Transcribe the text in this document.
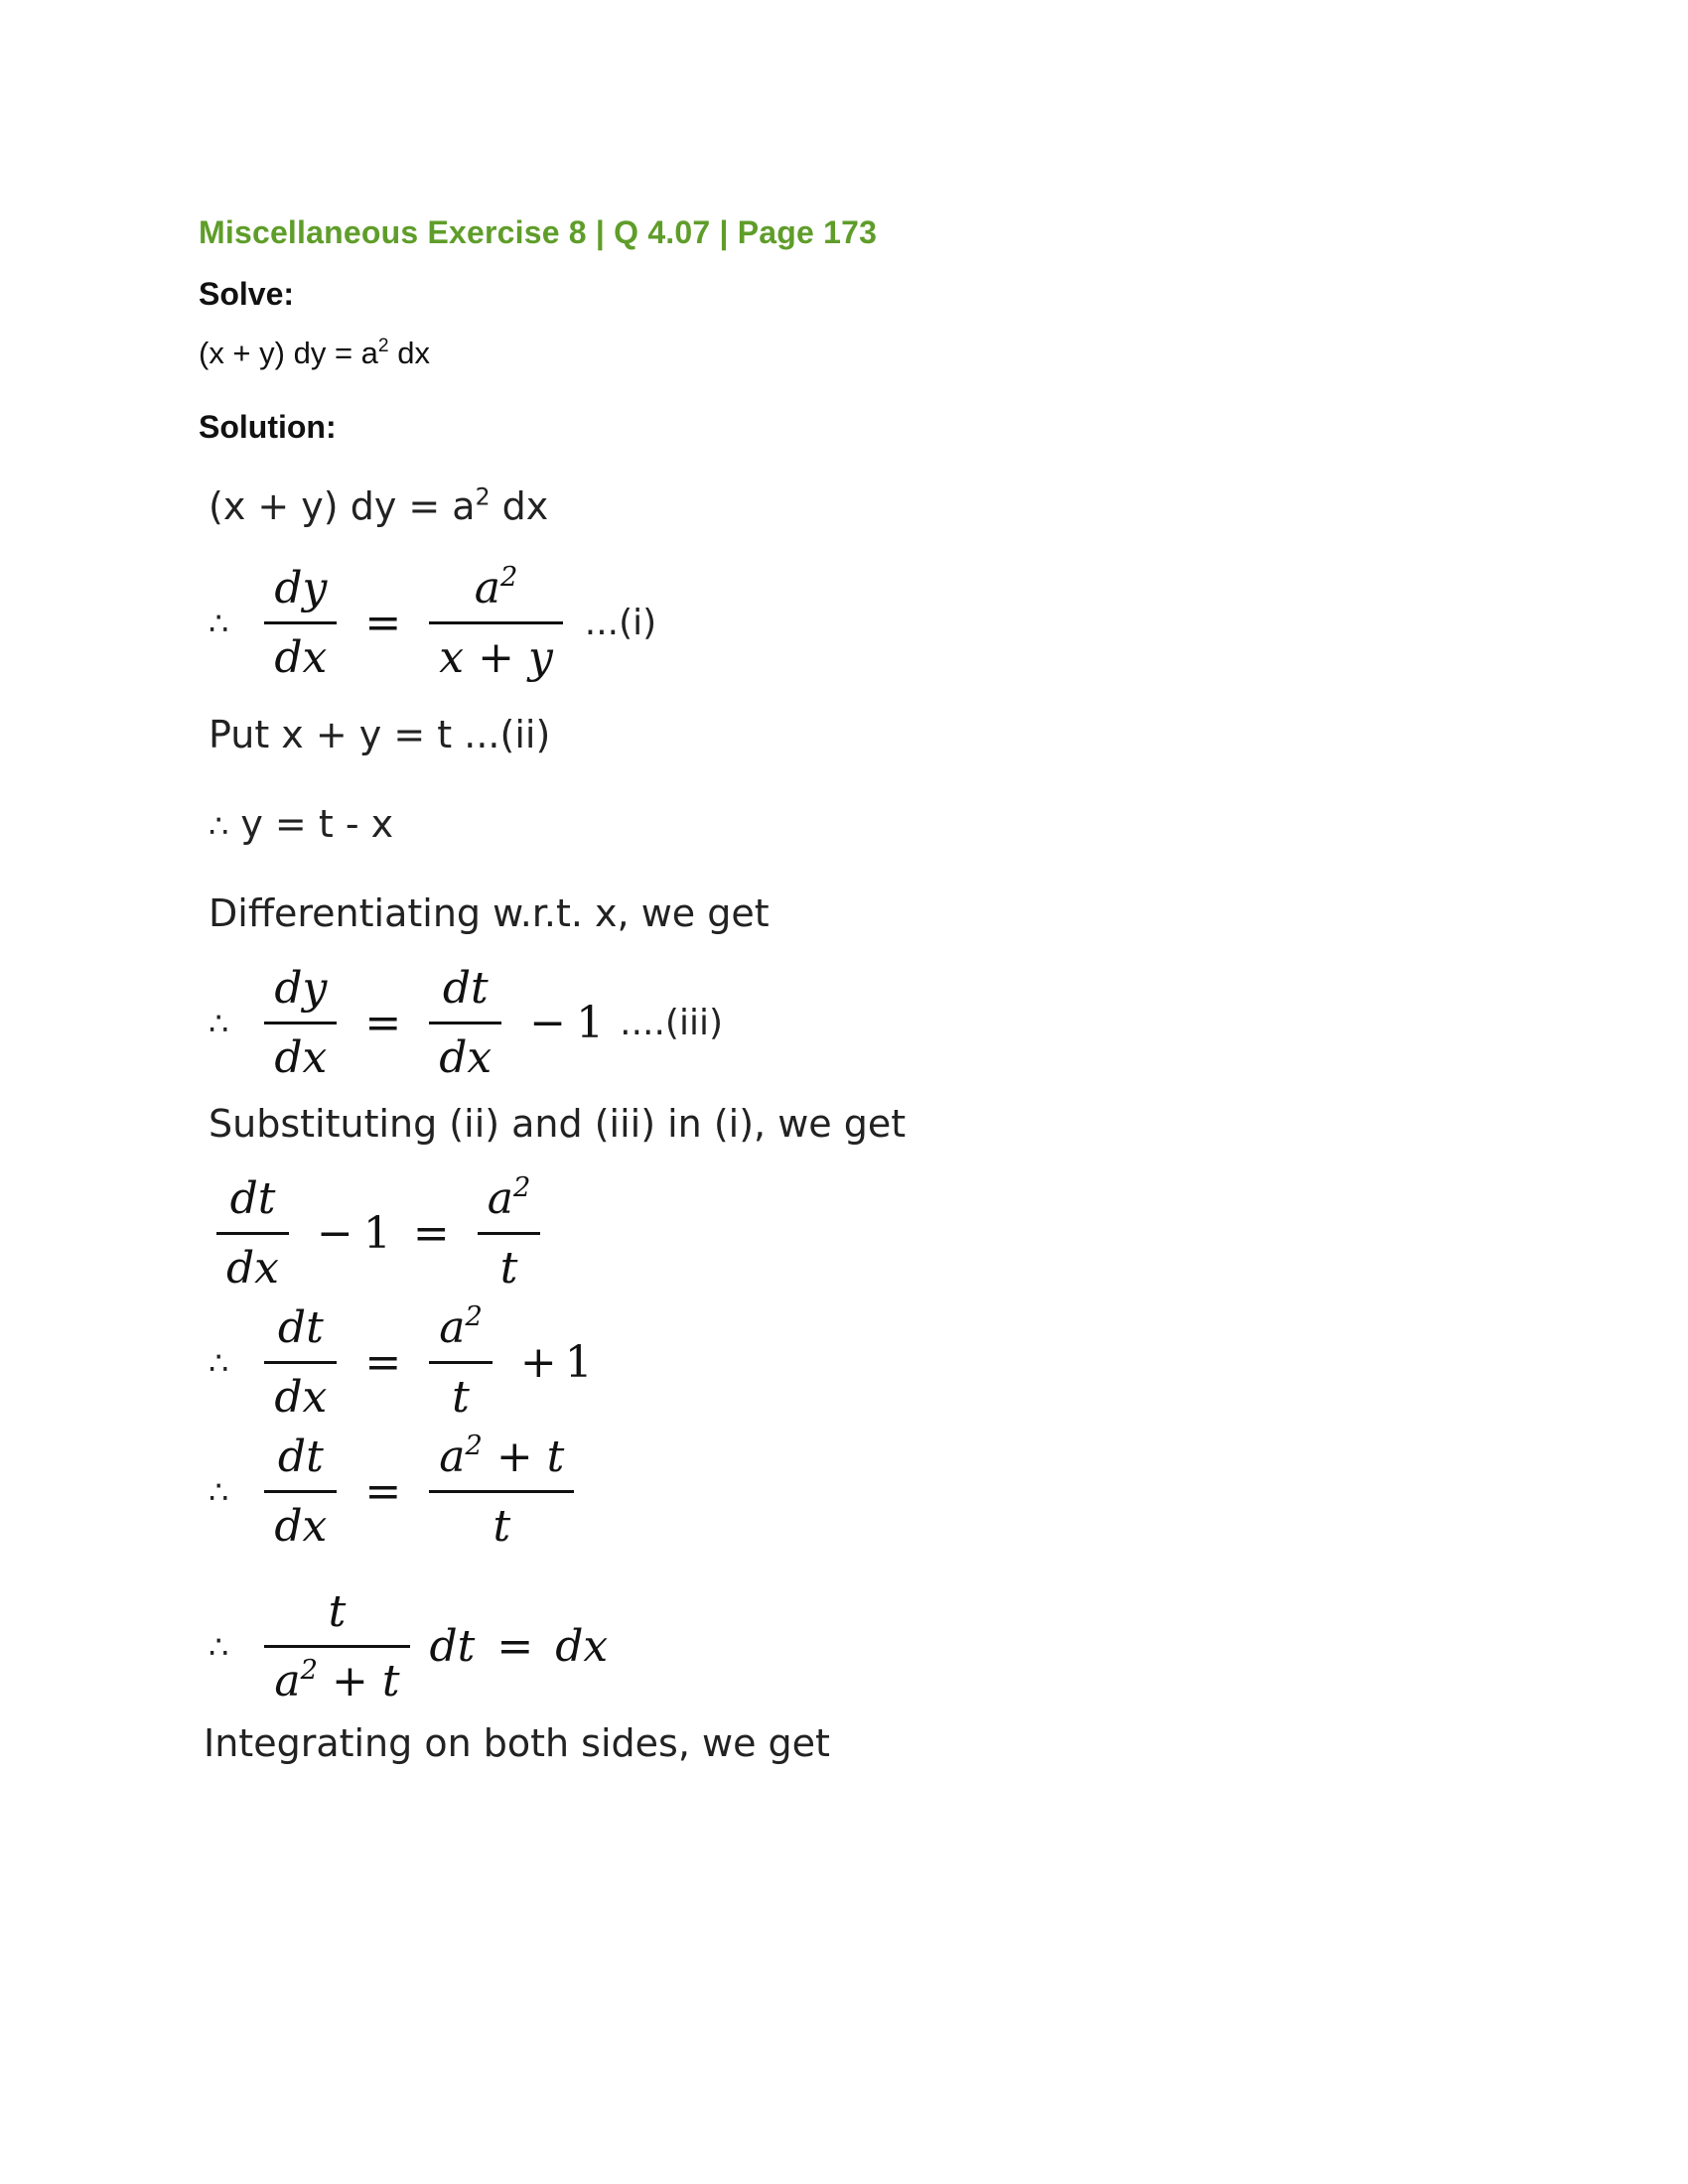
Miscellaneous Exercise 8 | Q 4.07 | Page 173
Solve:
(x + y) dy = $a^2$ dx
Solution:
(x + y) dy = $a^2$ dx
∴ $\frac{dy}{dx} = \frac{a^2}{x + y} ...(i)$
Put x + y = t ...(ii)
∴ y = t - x
Differentiating w.r.t. x, we get
∴ $\frac{dy}{dx} = \frac{dt}{dx} - 1$ ....(iii)
Substituting (ii) and (iii) in (i), we get
$\frac{dt}{dx} - 1 = \frac{a^2}{t}$
∴ $\frac{dt}{dx} = \frac{a^2}{t} + 1$
∴ $\frac{dt}{dx} = \frac{a^2 + t}{t}$
∴ $\frac{t}{a^2 + t}$ dt = dx
Integrating on both sides, we get
